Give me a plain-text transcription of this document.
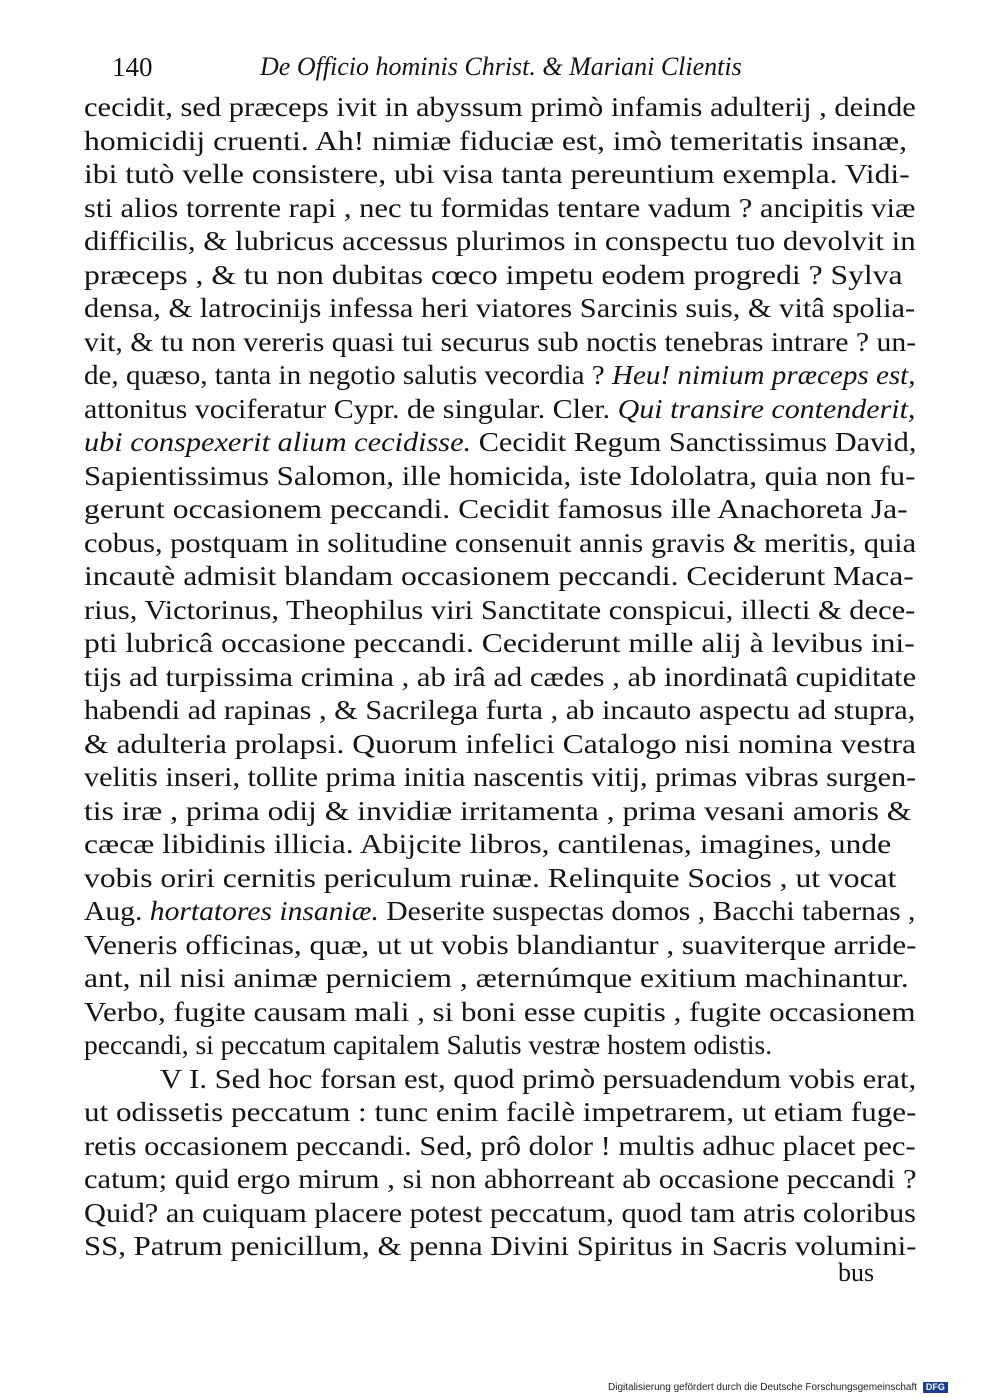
140	De Officio hominis Christ. & Mariani Clientis
cecidit, sed præceps ivit in abyssum primò infamis adulterij , deinde
homicidij cruenti. Ah! nimiæ fiduciæ est, imò temeritatis insanæ,
ibi tutò velle consistere, ubi visa tanta pereuntium exempla. Vidi-
sti alios torrente rapi , nec tu formidas tentare vadum ? ancipitis viæ
difficilis, & lubricus accessus plurimos in conspectu tuo devolvit in
præceps , & tu non dubitas cœco impetu eodem progredi ? Sylva
densa, & latrocinijs infessa heri viatores Sarcinis suis, & vitâ spolia-
vit, & tu non vereris quasi tui securus sub noctis tenebras intrare ? un-
de, quæso, tanta in negotio salutis vecordia ? Heu! nimium præceps est,
attonitus vociferatur Cypr. de singular. Cler. Qui transire contenderit,
ubi conspexerit alium cecidisse. Cecidit Regum Sanctissimus David,
Sapientissimus Salomon, ille homicida, iste Idololatra, quia non fu-
gerunt occasionem peccandi. Cecidit famosus ille Anachoreta Ja-
cobus, postquam in solitudine consenuit annis gravis & meritis, quia
incautè admisit blandam occasionem peccandi. Ceciderunt Maca-
rius, Victorinus, Theophilus viri Sanctitate conspicui, illecti & dece-
pti lubricâ occasione peccandi. Ceciderunt mille alij à levibus ini-
tijs ad turpissima crimina , ab irâ ad cædes , ab inordinatâ cupiditate
habendi ad rapinas , & Sacrilega furta , ab incauto aspectu ad stupra,
& adulteria prolapsi. Quorum infelici Catalogo nisi nomina vestra
velitis inseri, tollite prima initia nascentis vitij, primas vibras surgen-
tis iræ , prima odij & invidiæ irritamenta , prima vesani amoris &
cæcæ libidinis illicia. Abijcite libros, cantilenas, imagines, unde
vobis oriri cernitis periculum ruinæ. Relinquite Socios , ut vocat
Aug. hortatores insaniæ. Deserite suspectas domos , Bacchi tabernas ,
Veneris officinas, quæ, ut ut vobis blandiantur , suaviterque arride-
ant, nil nisi animæ perniciem , æternúmque exitium machinantur.
Verbo, fugite causam mali , si boni esse cupitis , fugite occasionem
peccandi, si peccatum capitalem Salutis vestræ hostem odistis.
V I. Sed hoc forsan est, quod primò persuadendum vobis erat,
ut odissetis peccatum : tunc enim facilè impetrarem, ut etiam fuge-
retis occasionem peccandi. Sed, prô dolor ! multis adhuc placet pec-
catum; quid ergo mirum , si non abhorreant ab occasione peccandi ?
Quid? an cuiquam placere potest peccatum, quod tam atris coloribus
SS, Patrum penicillum, & penna Divini Spiritus in Sacris volumini-
bus
Digitalisierung gefördert durch die Deutsche Forschungsgemeinschaft DFG
